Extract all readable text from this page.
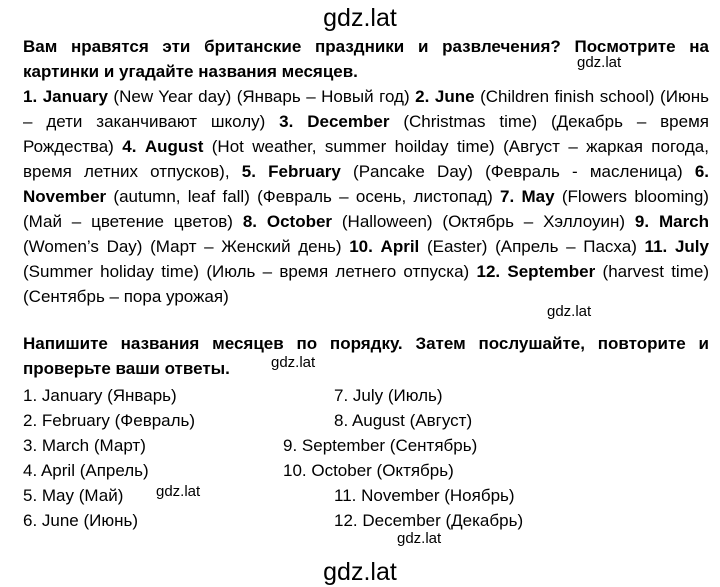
gdz.lat
Вам нравятся эти британские праздники и развлечения? Посмотрите на картинки и угадайте названия месяцев.	gdz.lat
1. January (New Year day) (Январь – Новый год) 2. June (Children finish school) (Июнь – дети заканчивают школу) 3. December (Christmas time) (Декабрь – время Рождества) 4. August (Hot weather, summer hoilday time) (Август – жаркая погода, время летних отпусков), 5. February (Pancake Day) (Февраль - масленица) 6. November (autumn, leaf fall) (Февраль – осень, листопад) 7. May (Flowers blooming) (Май – цветение цветов) 8. October (Halloween) (Октябрь – Хэллоуин) 9. March (Women’s Day) (Март – Женский день) 10. April (Easter) (Апрель – Пасха) 11. July (Summer holiday time) (Июль – время летнего отпуска) 12. September (harvest time) (Сентябрь – пора урожая)
gdz.lat
Напишите названия месяцев по порядку. Затем послушайте, повторите и проверьте ваши ответы.	gdz.lat
1. January (Январь)
2. February (Февраль)
3. March (Март)
4. April (Апрель)
5. May (Май)
6. June (Июнь)
7. July (Июль)
8. August (Август)
9. September (Сентябрь)
10. October (Октябрь)
11. November (Ноябрь)
12. December (Декабрь)
gdz.lat
gdz.lat
gdz.lat
